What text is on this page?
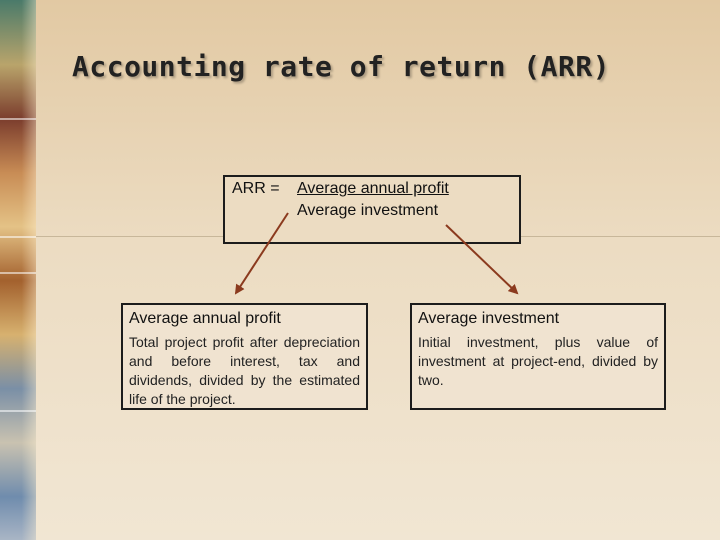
Accounting rate of return (ARR)
ARR = Average annual profit
Average investment

Average annual profit

Total project profit after depreciation and before interest, tax and dividends, divided by the estimated life of the project.

Average investment

Initial investment, plus value of investment at project-end, divided by two.
